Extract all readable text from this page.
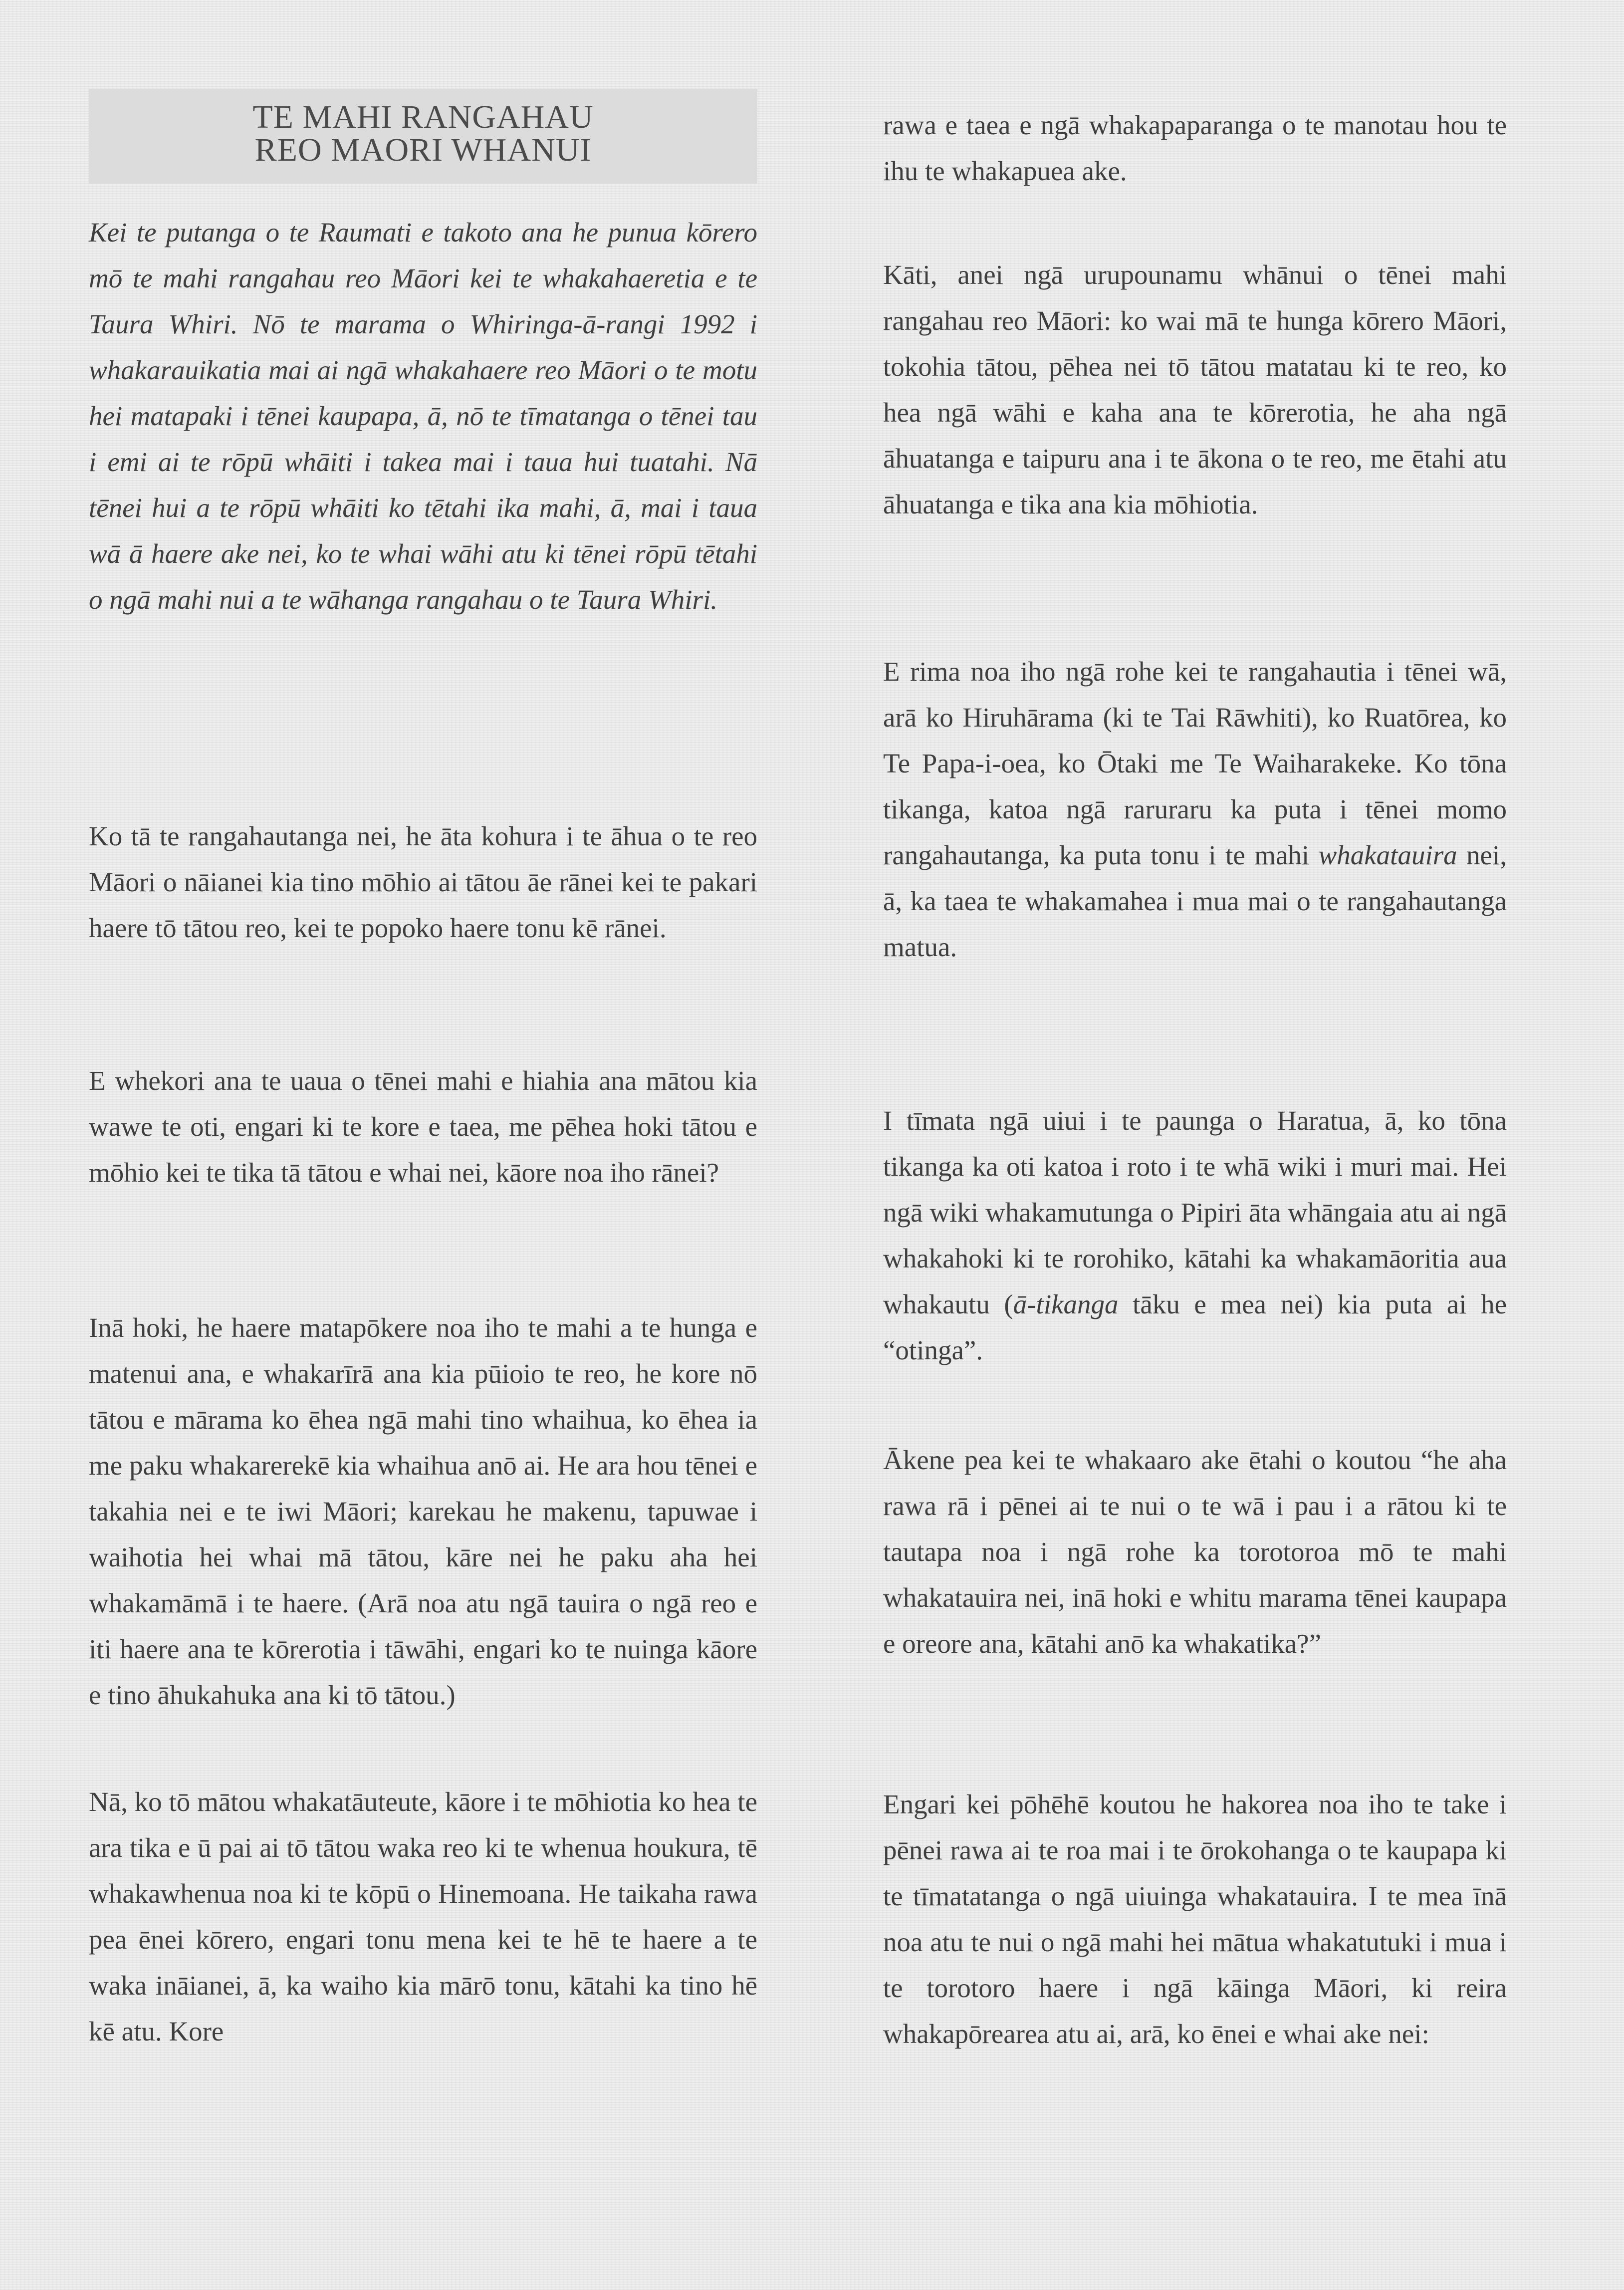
TE MAHI RANGAHAU
REO MAORI WHANUI

Kei te putanga o te Raumati e takoto ana he punua kōrero mō te mahi rangahau reo Māori kei te whakahaeretia e te Taura Whiri. Nō te marama o Whiringa-ā-rangi 1992 i whakarauikatia mai ai ngā whakahaere reo Māori o te motu hei matapaki i tēnei kaupapa, ā, nō te tīmatanga o tēnei tau i emi ai te rōpū whāiti i takea mai i taua hui tuatahi. Nā tēnei hui a te rōpū whāiti ko tētahi ika mahi, ā, mai i taua wā ā haere ake nei, ko te whai wāhi atu ki tēnei rōpū tētahi o ngā mahi nui a te wāhanga rangahau o te Taura Whiri.

Ko tā te rangahautanga nei, he āta kohura i te āhua o te reo Māori o nāianei kia tino mōhio ai tātou āe rānei kei te pakari haere tō tātou reo, kei te popoko haere tonu kē rānei.

E whekori ana te uaua o tēnei mahi e hiahia ana mātou kia wawe te oti, engari ki te kore e taea, me pēhea hoki tātou e mōhio kei te tika tā tātou e whai nei, kāore noa iho rānei?

Inā hoki, he haere matapōkere noa iho te mahi a te hunga e matenui ana, e whakarīrā ana kia pūioio te reo, he kore nō tātou e mārama ko ēhea ngā mahi tino whaihua, ko ēhea ia me paku whakarerekē kia whaihua anō ai. He ara hou tēnei e takahia nei e te iwi Māori; karekau he makenu, tapuwae i waihotia hei whai mā tātou, kāre nei he paku aha hei whakamāmā i te haere. (Arā noa atu ngā tauira o ngā reo e iti haere ana te kōrerotia i tāwāhi, engari ko te nuinga kāore e tino āhukahuka ana ki tō tātou.)

Nā, ko tō mātou whakatāuteute, kāore i te mōhiotia ko hea te ara tika e ū pai ai tō tātou waka reo ki te whenua houkura, tē whakawhenua noa ki te kōpū o Hinemoana. He taikaha rawa pea ēnei kōrero, engari tonu mena kei te hē te haere a te waka ināianei, ā, ka waiho kia mārō tonu, kātahi ka tino hē kē atu. Kore

rawa e taea e ngā whakapaparanga o te manotau hou te ihu te whakapuea ake.

Kāti, anei ngā urupounamu whānui o tēnei mahi rangahau reo Māori: ko wai mā te hunga kōrero Māori, tokohia tātou, pēhea nei tō tātou matatau ki te reo, ko hea ngā wāhi e kaha ana te kōrerotia, he aha ngā āhuatanga e taipuru ana i te ākona o te reo, me ētahi atu āhuatanga e tika ana kia mōhiotia.

E rima noa iho ngā rohe kei te rangahautia i tēnei wā, arā ko Hiruhārama (ki te Tai Rāwhiti), ko Ruatōrea, ko Te Papa-i-oea, ko Ōtaki me Te Waiharakeke. Ko tōna tikanga, katoa ngā raruraru ka puta i tēnei momo rangahautanga, ka puta tonu i te mahi whakatauira nei, ā, ka taea te whakamahea i mua mai o te rangahautanga matua.

I tīmata ngā uiui i te paunga o Haratua, ā, ko tōna tikanga ka oti katoa i roto i te whā wiki i muri mai. Hei ngā wiki whakamutunga o Pipiri āta whāngaia atu ai ngā whakahoki ki te rorohiko, kātahi ka whakamāoritia aua whakautu (ā-tikanga tāku e mea nei) kia puta ai he “otinga”.

Ākene pea kei te whakaaro ake ētahi o koutou “he aha rawa rā i pēnei ai te nui o te wā i pau i a rātou ki te tautapa noa i ngā rohe ka torotoroa mō te mahi whakatauira nei, inā hoki e whitu marama tēnei kaupapa e oreore ana, kātahi anō ka whakatika?”

Engari kei pōhēhē koutou he hakorea noa iho te take i pēnei rawa ai te roa mai i te ōrokohanga o te kaupapa ki te tīmatatanga o ngā uiuinga whakatauira. I te mea īnā noa atu te nui o ngā mahi hei mātua whakatutuki i mua i te torotoro haere i ngā kāinga Māori, ki reira whakapōrearea atu ai, arā, ko ēnei e whai ake nei:
